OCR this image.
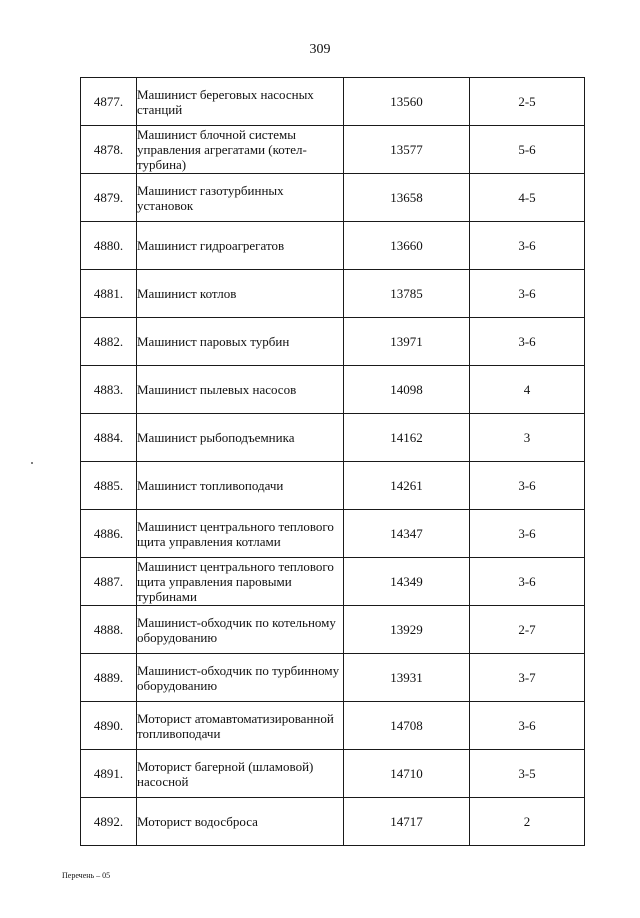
309
4877.	Машинист береговых насосных станций	13560	2-5
4878.	Машинист блочной системы управления агрегатами (котел-турбина)	13577	5-6
4879.	Машинист газотурбинных установок	13658	4-5
4880.	Машинист гидроагрегатов	13660	3-6
4881.	Машинист котлов	13785	3-6
4882.	Машинист паровых турбин	13971	3-6
4883.	Машинист пылевых насосов	14098	4
4884.	Машинист рыбоподъемника	14162	3
4885.	Машинист топливоподачи	14261	3-6
4886.	Машинист центрального теплового щита управления котлами	14347	3-6
4887.	Машинист центрального теплового щита управления паровыми турбинами	14349	3-6
4888.	Машинист-обходчик по котельному оборудованию	13929	2-7
4889.	Машинист-обходчик по турбинному оборудованию	13931	3-7
4890.	Моторист атомавтоматизированной топливоподачи	14708	3-6
4891.	Моторист багерной (шламовой) насосной	14710	3-5
4892.	Моторист водосброса	14717	2
Перечень – 05
